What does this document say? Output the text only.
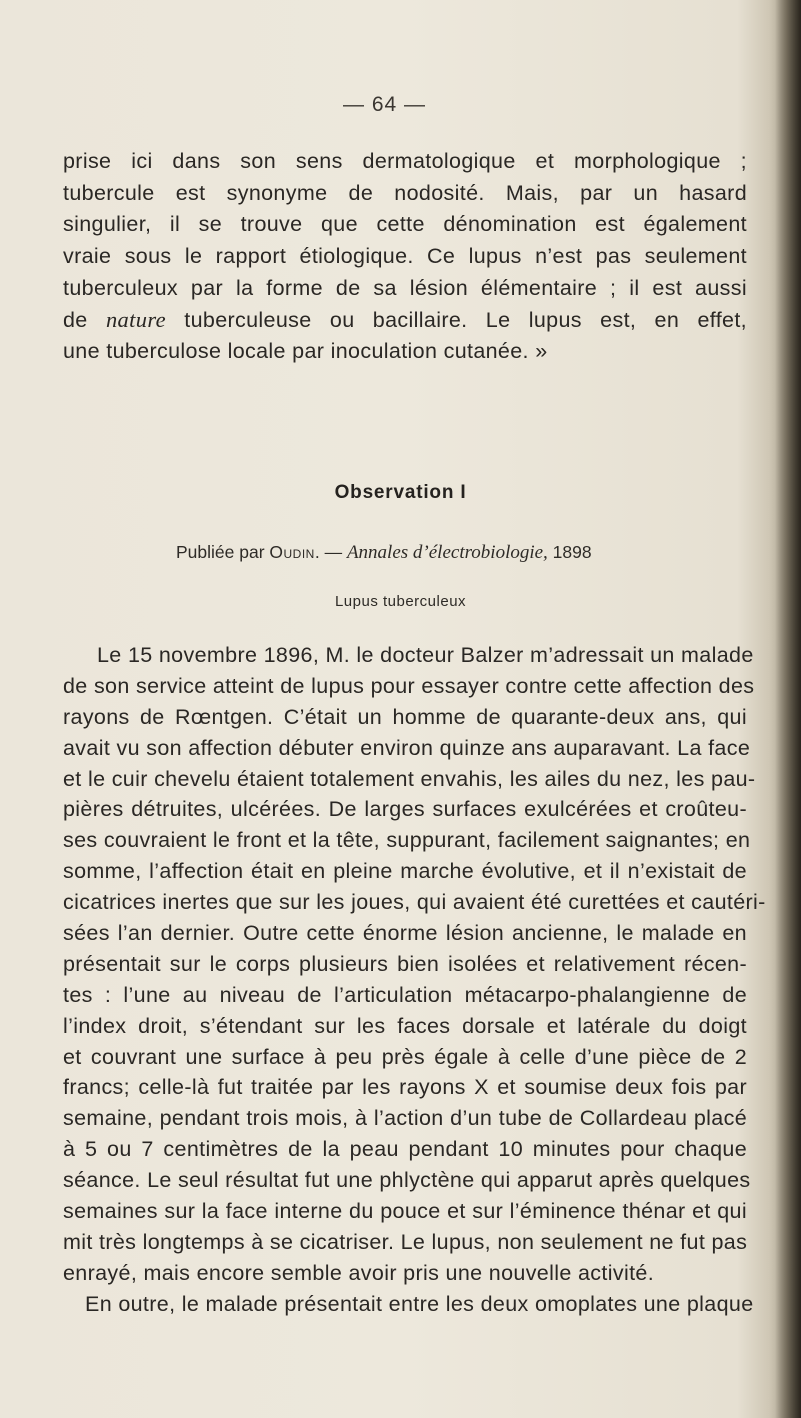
— 64 —
prise ici dans son sens dermatologique et morphologique ;
tubercule est synonyme de nodosité. Mais, par un hasard
singulier, il se trouve que cette dénomination est également
vraie sous le rapport étiologique. Ce lupus n’est pas seulement
tuberculeux par la forme de sa lésion élémentaire ; il est aussi
de nature tuberculeuse ou bacillaire. Le lupus est, en effet,
une tuberculose locale par inoculation cutanée. »
Observation I
Publiée par Oudin. — Annales d’électrobiologie, 1898
Lupus tuberculeux
Le 15 novembre 1896, M. le docteur Balzer m’adressait un malade
de son service atteint de lupus pour essayer contre cette affection des
rayons de Rœntgen. C’était un homme de quarante-deux ans, qui
avait vu son affection débuter environ quinze ans auparavant. La face
et le cuir chevelu étaient totalement envahis, les ailes du nez, les pau-
pières détruites, ulcérées. De larges surfaces exulcérées et croûteu-
ses couvraient le front et la tête, suppurant, facilement saignantes; en
somme, l’affection était en pleine marche évolutive, et il n’existait de
cicatrices inertes que sur les joues, qui avaient été curettées et cautéri-
sées l’an dernier. Outre cette énorme lésion ancienne, le malade en
présentait sur le corps plusieurs bien isolées et relativement récen-
tes : l’une au niveau de l’articulation métacarpo-phalangienne de
l’index droit, s’étendant sur les faces dorsale et latérale du doigt
et couvrant une surface à peu près égale à celle d’une pièce de 2
francs; celle-là fut traitée par les rayons X et soumise deux fois par
semaine, pendant trois mois, à l’action d’un tube de Collardeau placé
à 5 ou 7 centimètres de la peau pendant 10 minutes pour chaque
séance. Le seul résultat fut une phlyctène qui apparut après quelques
semaines sur la face interne du pouce et sur l’éminence thénar et qui
mit très longtemps à se cicatriser. Le lupus, non seulement ne fut pas
enrayé, mais encore semble avoir pris une nouvelle activité.
En outre, le malade présentait entre les deux omoplates une plaque
